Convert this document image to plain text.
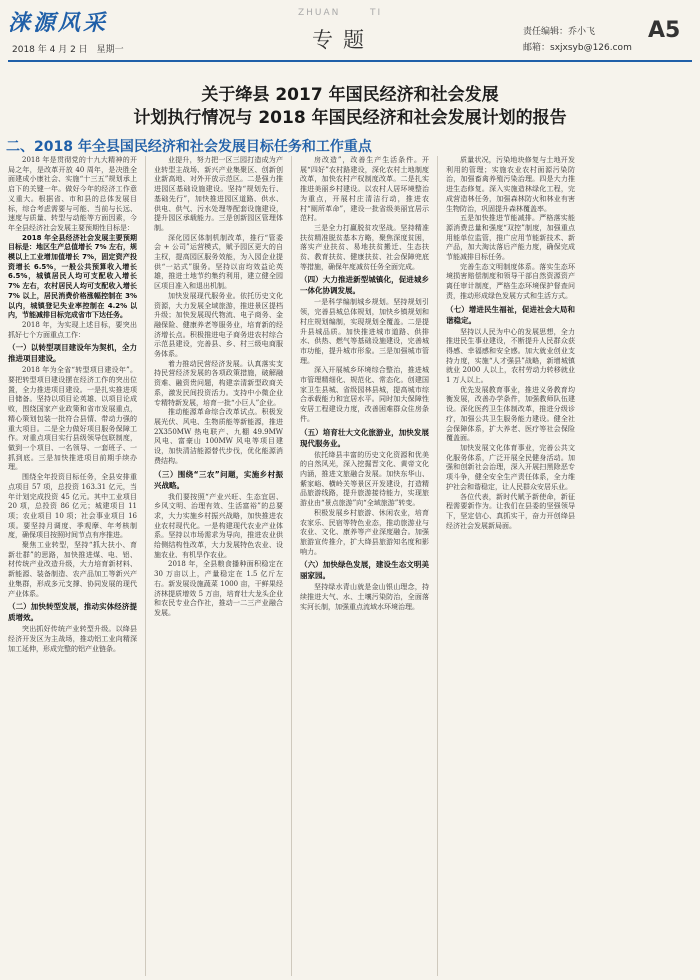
涞源风采
2018 年 4 月 2 日　星期一
ZHUAN	TI
专题	责任编辑：乔小飞
邮箱：sxjxsyb@126.com
A5
关于绛县 2017 年国民经济和社会发展
计划执行情况与 2018 年国民经济和社会发展计划的报告
二、2018 年全县国民经济和社会发展目标任务和工作重点

2018 年是贯彻党的十九大精神的开局之年，是改革开放 40 周年，是决胜全面建成小康社会、实施“十三五”规划承上启下的关键一年。做好今年的经济工作意义重大。根据省、市和县的总体发展目标，综合考虑需要与可能、当前与长远、速度与质量、转型与动能等方面因素，今年全县经济社会发展主要预期性目标是：

2018 年全县经济社会发展主要预期目标是：地区生产总值增长 7% 左右，规模以上工业增加值增长 7%，固定资产投资增长 6.5%，一般公共预算收入增长 6.5%，城镇居民人均可支配收入增长 7% 左右，农村居民人均可支配收入增长 7% 以上，居民消费价格涨幅控制在 3% 以内，城镇登记失业率控制在 4.2% 以内，节能减排目标完成省市下达任务。

2018 年，为实现上述目标，要突出抓好七个方面重点工作：

（一）以转型项目建设年为契机，全力推进项目建设。

2018 年为全省“转型项目建设年”。要把转型项目建设摆在经济工作的突出位置，全力推进项目建设。一是扎实推进项目储备。坚持以项目论英雄、以项目论成败，围绕国家产业政策和省市发展重点，精心策划包装一批符合县情、带动力强的重大项目。二是全力做好项目服务保障工作。对重点项目实行县级领导包联制度，做到一个项目、一名领导、一套班子、一抓到底。三是加快推进项目前期手续办理。

围绕全年投资目标任务，全县安排重点项目 57 项，总投资 163.31 亿元，当年计划完成投资 45 亿元。其中工业项目 20 项，总投资 86 亿元；城建项目 11 项；农业项目 10 项；社会事业项目 16 项。要坚持月调度、季观摩、年考核制度，确保项目按照时间节点有序推进。

聚焦工业转型，坚持“抓大扶小、育新壮群”的思路，加快推进煤、电、铝、材传统产业改造升级，大力培育新材料、新能源、装备制造、农产品加工等新兴产业集群，形成多元支撑、协同发展的现代产业体系。

（二）加快转型发展，推动实体经济提质增效。

突出抓好传统产业转型升级。以绛县经济开发区为主战场，推动铝工业向精深加工延伸，形成完整的铝产业链条。

业提升，努力把一区三园打造成为产业转型主战场、新兴产业集聚区、创新创业新高地、对外开放示范区。二是强力推进园区基础设施建设。坚持“规划先行、基础先行”，加快推进园区道路、供水、供电、供气、污水处理等配套设施建设，提升园区承载能力。三是创新园区管理体制。

深化园区体制机制改革，推行“管委会 + 公司”运营模式，赋予园区更大的自主权，提高园区服务效能，为入园企业提供“一站式”服务。坚持以亩均效益论英雄，推进土地节约集约利用，建立健全园区项目准入和退出机制。

加快发展现代服务业。依托历史文化资源，大力发展全域旅游，推进景区提档升级；加快发展现代物流、电子商务、金融保险、健康养老等服务业，培育新的经济增长点。积极推进电子商务进农村综合示范县建设，完善县、乡、村三级电商服务体系。

着力推动民营经济发展。认真落实支持民营经济发展的各项政策措施，破解融资难、融资贵问题，构建亲清新型政商关系，激发民间投资活力。支持中小微企业专精特新发展，培育一批“小巨人”企业。

推动能源革命综合改革试点。积极发展光伏、风电、生物质能等新能源，推进 2X350MW 热电联产、九棚 49.9MW 风电、富豪山 100MW 风电等项目建设，加快清洁能源替代步伐，优化能源消费结构。

（三）围绕“三农”问题，实施乡村振兴战略。

我们要按照“产业兴旺、生态宜居、乡风文明、治理有效、生活富裕”的总要求，大力实施乡村振兴战略，加快推进农业农村现代化。一是构建现代农业产业体系。坚持以市场需求为导向，推进农业供给侧结构性改革，大力发展特色农业、设施农业、有机旱作农业。

2018 年，全县粮食播种面积稳定在 30 万亩以上，产量稳定在 1.5 亿斤左右。新发展设施蔬菜 1000 亩，干鲜果经济林提质增效 5 万亩，培育壮大龙头企业和农民专业合作社，推动一二三产业融合发展。

房改造”，改善生产生活条件。开展“四好”农村路建设，深化农村土地制度改革，加快农村产权制度改革。二是扎实推进美丽乡村建设。以农村人居环境整治为重点，开展村庄清洁行动，推进农村“厕所革命”，建设一批省级美丽宜居示范村。

三是全力打赢脱贫攻坚战。坚持精准扶贫精准脱贫基本方略，聚焦深度贫困，落实产业扶贫、易地扶贫搬迁、生态扶贫、教育扶贫、健康扶贫、社会保障兜底等措施，确保年度减贫任务全面完成。

（四）大力推进新型城镇化，促进城乡一体化协调发展。

一是科学编制城乡规划。坚持规划引领，完善县城总体规划，加快乡镇规划和村庄规划编制，实现规划全覆盖。二是提升县城品质。加快推进城市道路、供排水、供热、燃气等基础设施建设，完善城市功能，提升城市形象。三是加强城市管理。

深入开展城乡环境综合整治，推进城市管理精细化、规范化、常态化。创建国家卫生县城、省级园林县城，提高城市综合承载能力和宜居水平。同时加大保障性安居工程建设力度，改善困难群众住房条件。

（五）培育壮大文化旅游业，加快发展现代服务业。

依托绛县丰富的历史文化资源和优美的自然风光，深入挖掘晋文化、黄帝文化内涵，推进文旅融合发展。加快东华山、紫家峪、横岭关等景区开发建设，打造精品旅游线路，提升旅游接待能力，实现旅游业由“景点旅游”向“全域旅游”转变。

积极发展乡村旅游、休闲农业，培育农家乐、民宿等特色业态，推动旅游业与农业、文化、康养等产业深度融合。加强旅游宣传推介，扩大绛县旅游知名度和影响力。

（六）加快绿色发展，建设生态文明美丽家园。

坚持绿水青山就是金山银山理念，持续推进大气、水、土壤污染防治，全面落实河长制，加强重点流域水环境治理。

质量状况，污染地块修复与土地开发利用的管理；实施农业农村面源污染防治，加强畜禽养殖污染治理。四是大力推进生态修复。深入实施造林绿化工程，完成营造林任务，加强森林防火和林业有害生物防治，巩固提升森林覆盖率。

五是加快推进节能减排。严格落实能源消费总量和强度“双控”制度，加强重点用能单位监管，推广应用节能新技术、新产品，加大淘汰落后产能力度，确保完成节能减排目标任务。

完善生态文明制度体系。落实生态环境损害赔偿制度和领导干部自然资源资产离任审计制度，严格生态环境保护督查问责，推动形成绿色发展方式和生活方式。

（七）增进民生福祉，促进社会大局和谐稳定。

坚持以人民为中心的发展思想，全力推进民生事业建设，不断提升人民群众获得感、幸福感和安全感。加大就业创业支持力度，实施“人才强县”战略，新增城镇就业 2000 人以上，农村劳动力转移就业 1 万人以上。

优先发展教育事业，推进义务教育均衡发展，改善办学条件，加强教师队伍建设。深化医药卫生体制改革，推进分级诊疗，加强公共卫生服务能力建设。健全社会保障体系，扩大养老、医疗等社会保险覆盖面。

加快发展文化体育事业，完善公共文化服务体系，广泛开展全民健身活动。加强和创新社会治理，深入开展扫黑除恶专项斗争，健全安全生产责任体系，全力维护社会和谐稳定，让人民群众安居乐业。

各位代表，新时代赋予新使命，新征程需要新作为。让我们在县委的坚强领导下，坚定信心、真抓实干，奋力开创绛县经济社会发展新局面。
